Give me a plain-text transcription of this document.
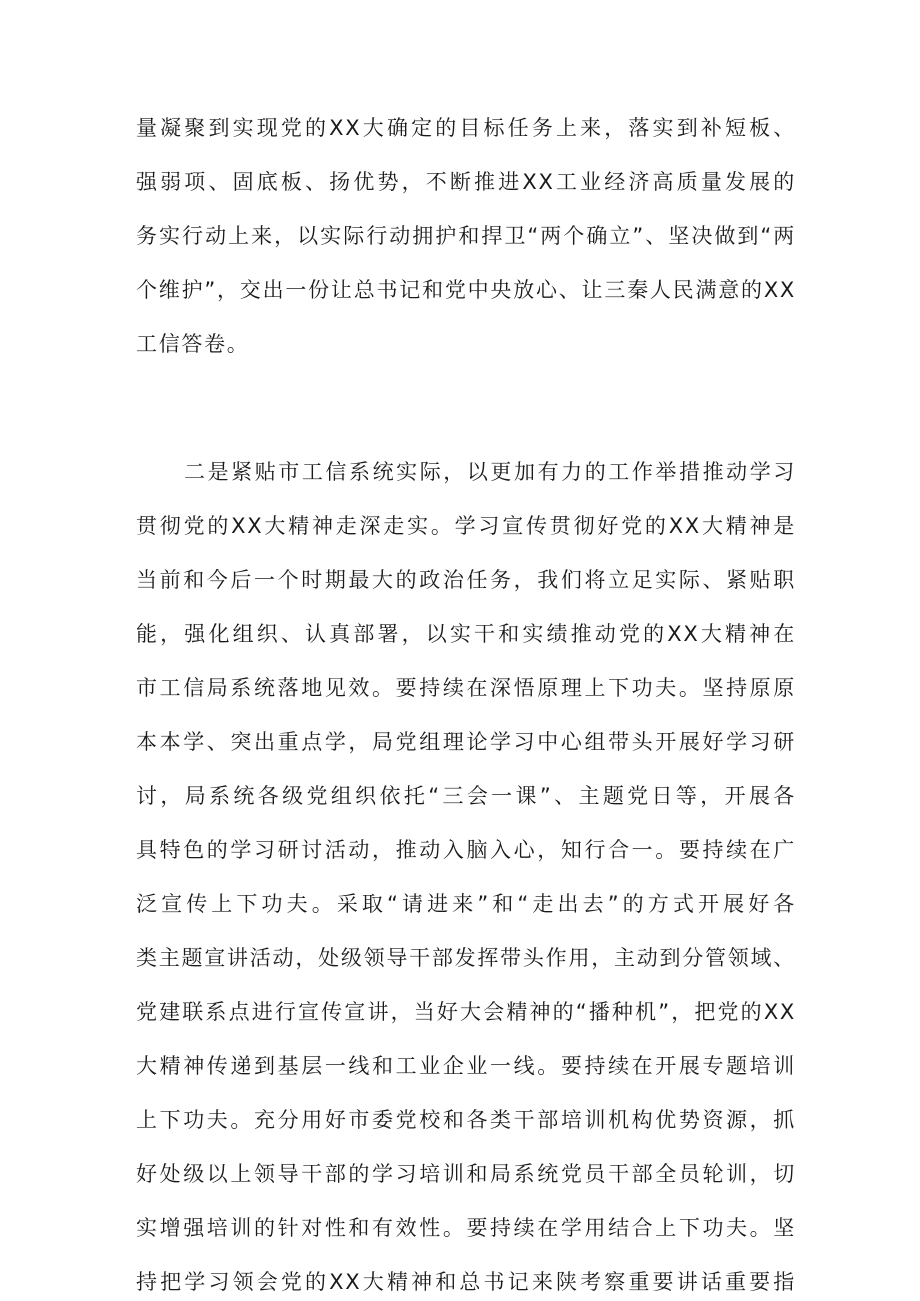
量凝聚到实现党的XX大确定的目标任务上来，落实到补短板、
强弱项、固底板、扬优势，不断推进XX工业经济高质量发展的
务实行动上来，以实际行动拥护和捍卫“两个确立”、坚决做到“两
个维护”，交出一份让总书记和党中央放心、让三秦人民满意的XX
工信答卷。
二是紧贴市工信系统实际，以更加有力的工作举措推动学习
贯彻党的XX大精神走深走实。学习宣传贯彻好党的XX大精神是
当前和今后一个时期最大的政治任务，我们将立足实际、紧贴职
能，强化组织、认真部署，以实干和实绩推动党的XX大精神在
市工信局系统落地见效。要持续在深悟原理上下功夫。坚持原原
本本学、突出重点学，局党组理论学习中心组带头开展好学习研
讨，局系统各级党组织依托“三会一课”、主题党日等，开展各
具特色的学习研讨活动，推动入脑入心，知行合一。要持续在广
泛宣传上下功夫。采取“请进来”和“走出去”的方式开展好各
类主题宣讲活动，处级领导干部发挥带头作用，主动到分管领域、
党建联系点进行宣传宣讲，当好大会精神的“播种机”，把党的XX
大精神传递到基层一线和工业企业一线。要持续在开展专题培训
上下功夫。充分用好市委党校和各类干部培训机构优势资源，抓
好处级以上领导干部的学习培训和局系统党员干部全员轮训，切
实增强培训的针对性和有效性。要持续在学用结合上下功夫。坚
持把学习领会党的XX大精神和总书记来陕考察重要讲话重要指
